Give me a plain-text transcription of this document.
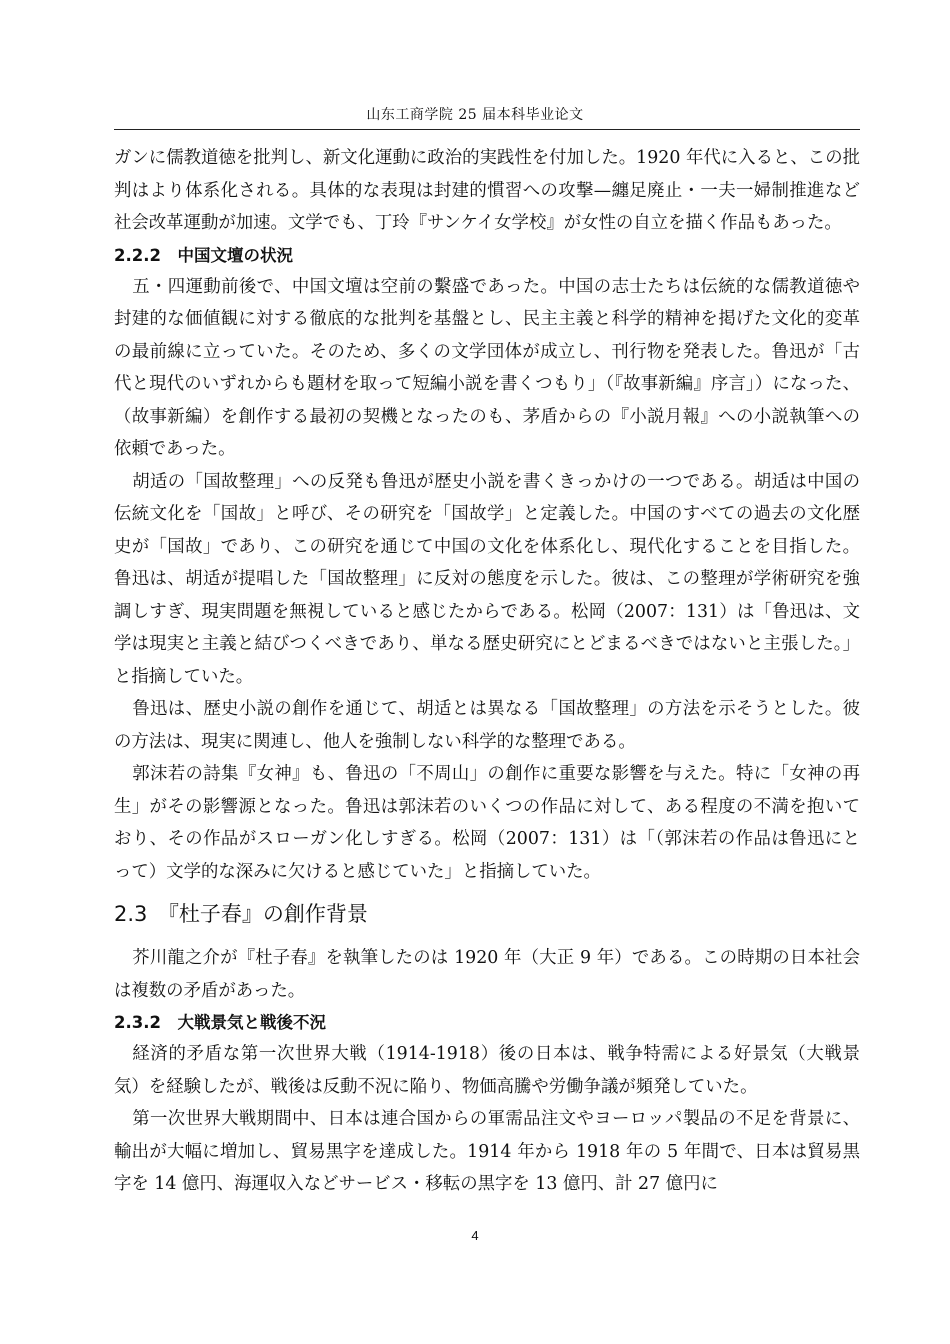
山东工商学院 25 届本科毕业论文

ガンに儒教道徳を批判し、新文化運動に政治的実践性を付加した。1920 年代に入ると、この批判はより体系化される。具体的な表現は封建的慣習への攻撃—纏足廃止・一夫一婦制推進など社会改革運動が加速。文学でも、丁玲『サンケイ女学校』が女性の自立を描く作品もあった。

2.2.2　中国文壇の状況

五・四運動前後で、中国文壇は空前の繫盛であった。中国の志士たちは伝統的な儒教道徳や封建的な価値観に対する徹底的な批判を基盤とし、民主主義と科学的精神を掲げた文化的変革の最前線に立っていた。そのため、多くの文学団体が成立し、刊行物を発表した。鲁迅が「古代と現代のいずれからも題材を取って短編小説を書くつもり」（『故事新編』序言」）になった、（故事新編）を創作する最初の契機となったのも、茅盾からの『小説月報』への小説執筆への依頼であった。

胡适の「国故整理」への反発も鲁迅が歴史小説を書くきっかけの一つである。胡适は中国の伝統文化を「国故」と呼び、その研究を「国故学」と定義した。中国のすべての過去の文化歴史が「国故」であり、この研究を通じて中国の文化を体系化し、現代化することを目指した。鲁迅は、胡适が提唱した「国故整理」に反対の態度を示した。彼は、この整理が学術研究を強調しすぎ、現実問題を無視していると感じたからである。松岡（2007：131）は「鲁迅は、文学は現実と主義と結びつくべきであり、単なる歴史研究にとどまるべきではないと主張した。」と指摘していた。

鲁迅は、歴史小説の創作を通じて、胡适とは異なる「国故整理」の方法を示そうとした。彼の方法は、現実に関連し、他人を強制しない科学的な整理である。

郭沫若の詩集『女神』も、鲁迅の「不周山」の創作に重要な影響を与えた。特に「女神の再生」がその影響源となった。鲁迅は郭沫若のいくつの作品に対して、ある程度の不満を抱いており、その作品がスローガン化しすぎる。松岡（2007：131）は「（郭沫若の作品は鲁迅にとって）文学的な深みに欠けると感じていた」と指摘していた。

2.3　『杜子春』の創作背景

芥川龍之介が『杜子春』を執筆したのは 1920 年（大正 9 年）である。この時期の日本社会は複数の矛盾があった。

2.3.2　大戦景気と戦後不況

経済的矛盾な第一次世界大戦（1914-1918）後の日本は、戦争特需による好景気（大戦景気）を経験したが、戦後は反動不況に陥り、物価高騰や労働争議が頻発していた。

第一次世界大戦期間中、日本は連合国からの軍需品注文やヨーロッパ製品の不足を背景に、輸出が大幅に増加し、貿易黒字を達成した。1914 年から 1918 年の 5 年間で、日本は貿易黒字を 14 億円、海運収入などサービス・移転の黒字を 13 億円、計 27 億円に

4
